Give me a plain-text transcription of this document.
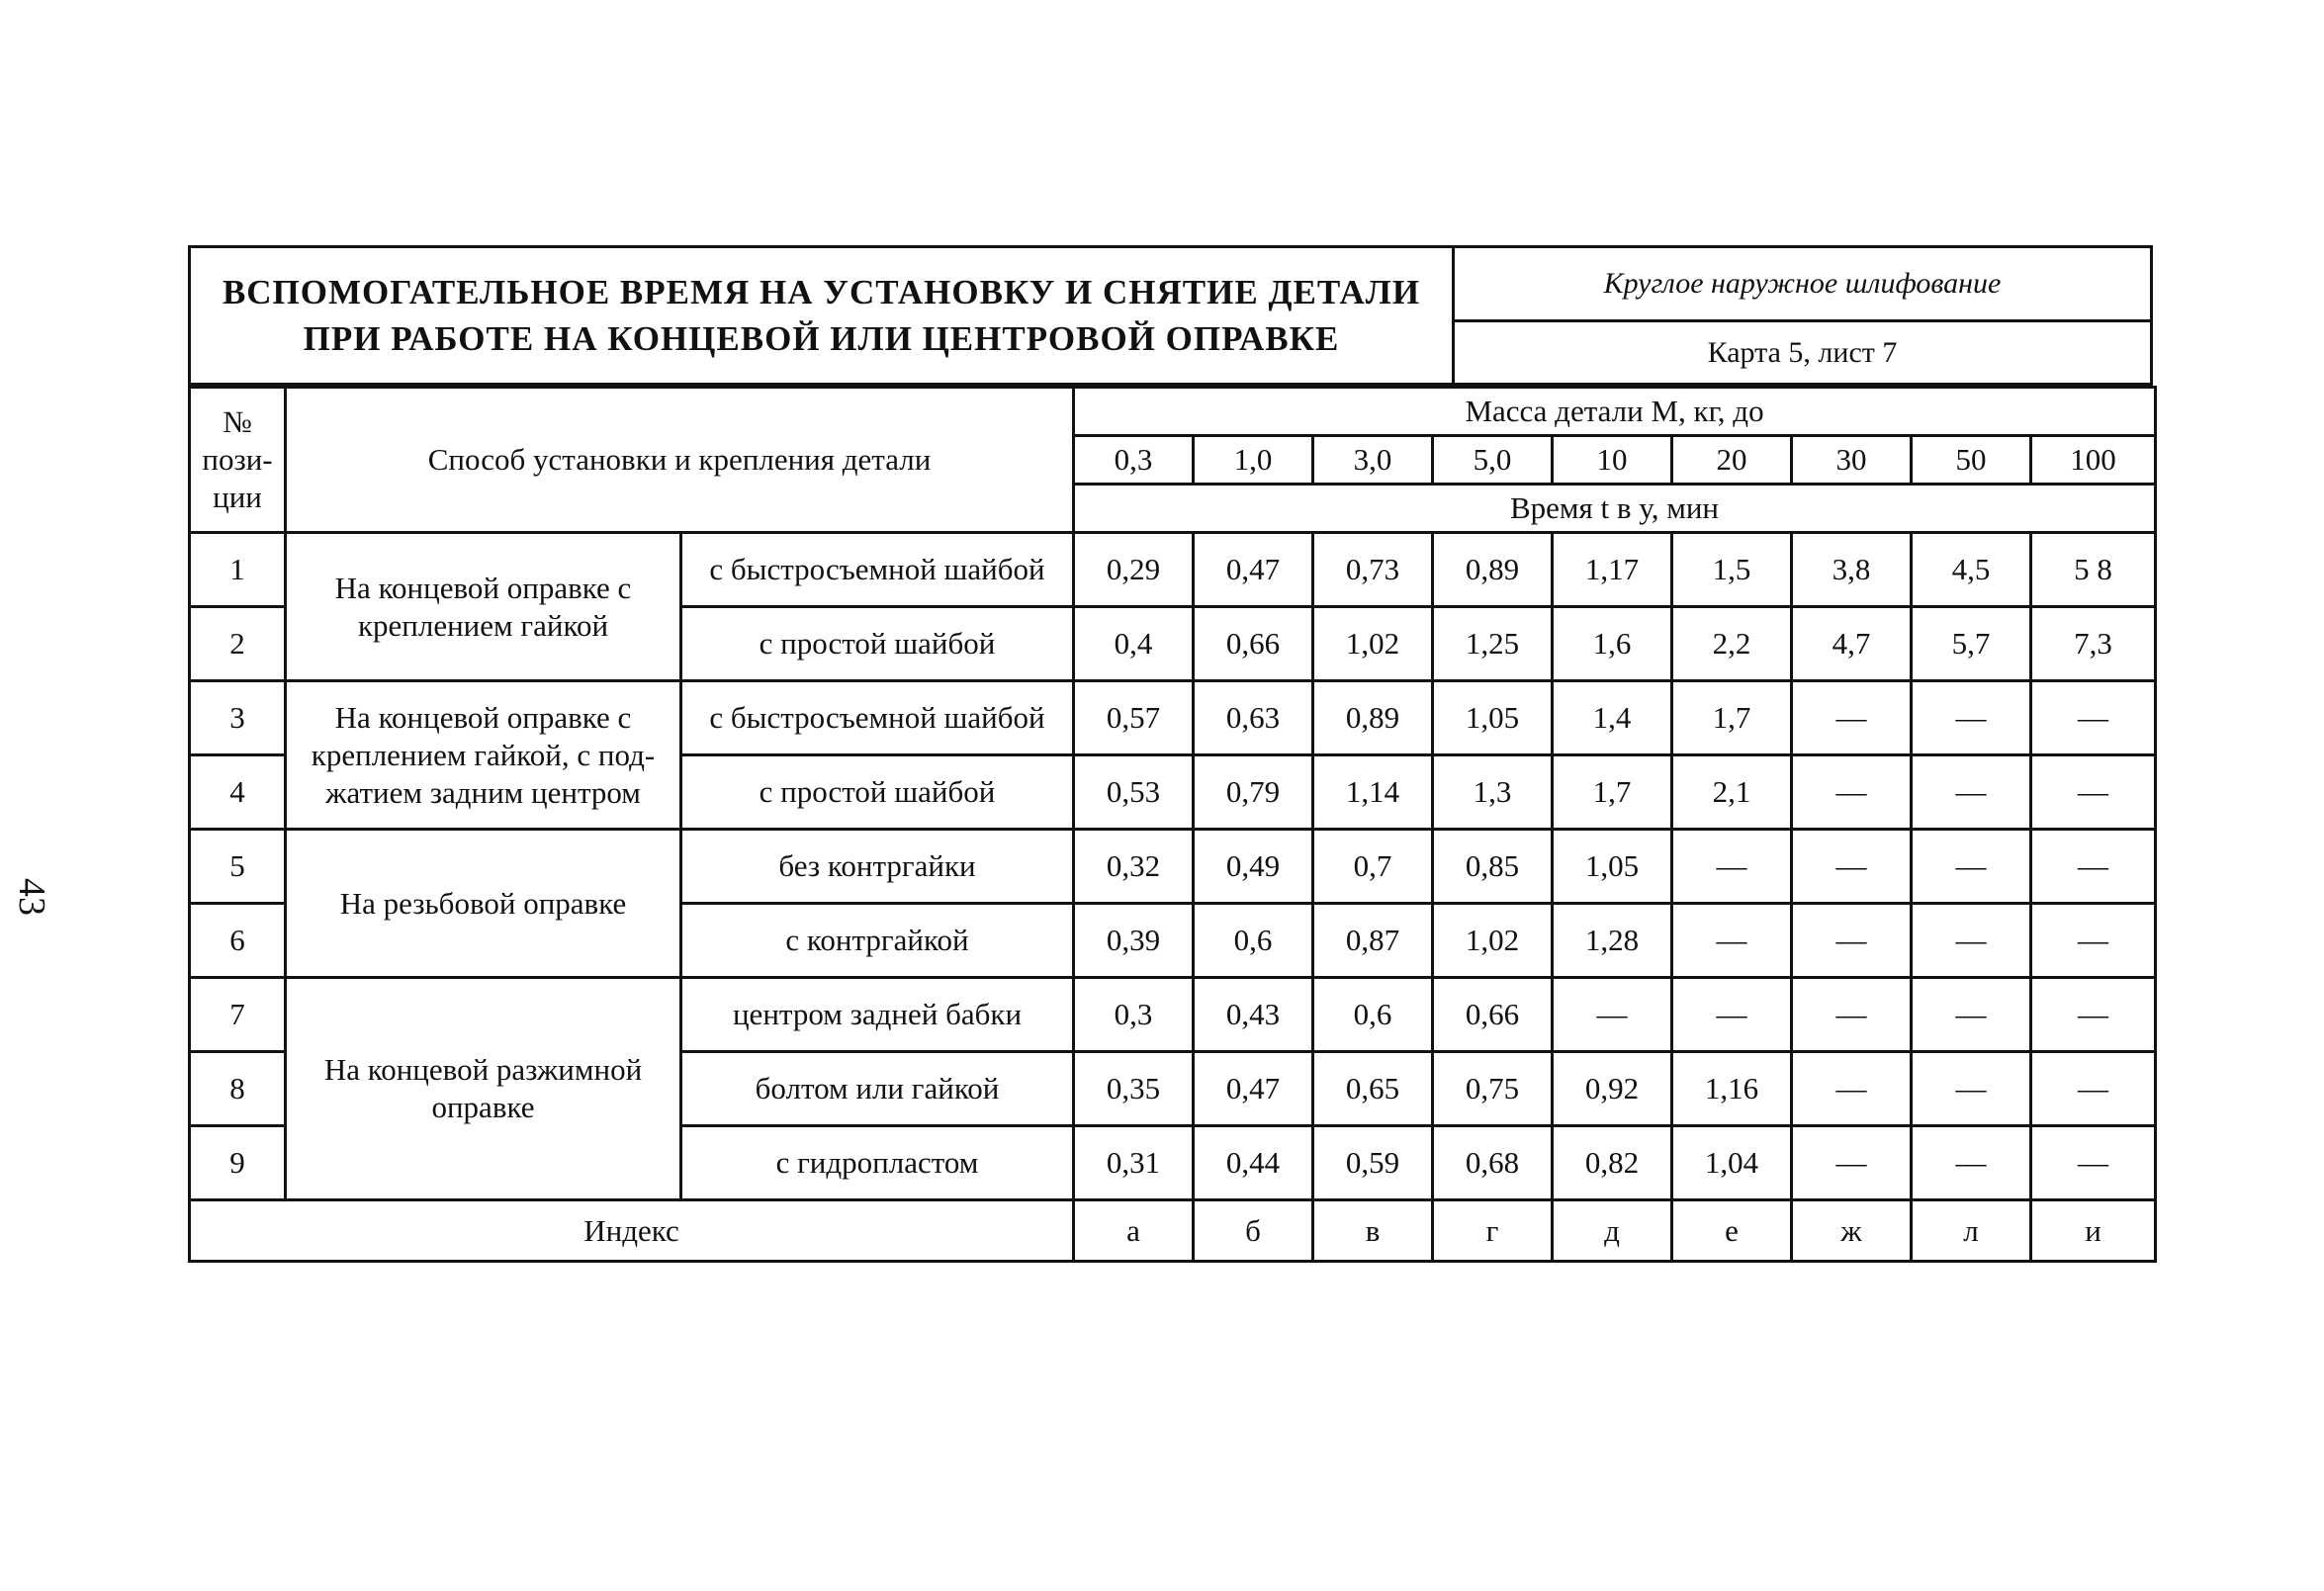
43
ВСПОМОГАТЕЛЬНОЕ ВРЕМЯ НА УСТАНОВКУ И СНЯТИЕ ДЕТАЛИ
ПРИ РАБОТЕ НА КОНЦЕВОЙ ИЛИ ЦЕНТРОВОЙ ОПРАВКЕ
Круглое наружное шлифование
Карта 5, лист 7
№ пози-ции	Способ установки и крепления детали		Масса детали М, кг, до								
			0,3	1,0	3,0	5,0	10	20	30	50	100
			Время t в у, мин								
1	На концевой оправке с креплением гайкой	с быстросъемной шайбой	0,29	0,47	0,73	0,89	1,17	1,5	3,8	4,5	5 8
2		с простой шайбой	0,4	0,66	1,02	1,25	1,6	2,2	4,7	5,7	7,3
3	На концевой оправке с креплением гайкой, с под-жатием задним центром	с быстросъемной шайбой	0,57	0,63	0,89	1,05	1,4	1,7	—	—	—
4		с простой шайбой	0,53	0,79	1,14	1,3	1,7	2,1	—	—	—
5	На резьбовой оправке	без контргайки	0,32	0,49	0,7	0,85	1,05	—	—	—	—
6		с контргайкой	0,39	0,6	0,87	1,02	1,28	—	—	—	—
7	На концевой разжимной оправке	центром задней бабки	0,3	0,43	0,6	0,66	—	—	—	—	—
8		болтом или гайкой	0,35	0,47	0,65	0,75	0,92	1,16	—	—	—
9		с гидропластом	0,31	0,44	0,59	0,68	0,82	1,04	—	—	—
Индекс			а	б	в	г	д	е	ж	л	и
